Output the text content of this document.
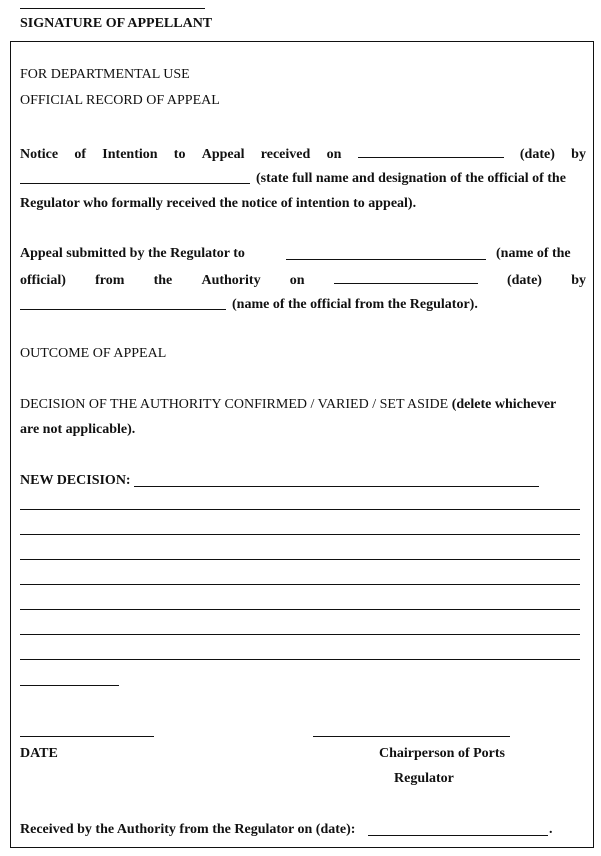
SIGNATURE OF APPELLANT
FOR DEPARTMENTAL USE
OFFICIAL RECORD OF APPEAL
Notice of Intention to Appeal received on	(date) by
(state full name and designation of the official of the
Regulator who formally received the notice of intention to appeal).
Appeal submitted by the Regulator to	(name of the
official) from the Authority on	(date) by
(name of the official from the Regulator).
OUTCOME OF APPEAL
DECISION OF THE AUTHORITY CONFIRMED / VARIED / SET ASIDE (delete whichever
are not applicable).
NEW DECISION:
DATE	Chairperson of Ports
Regulator
Received by the Authority from the Regulator on (date):	.
